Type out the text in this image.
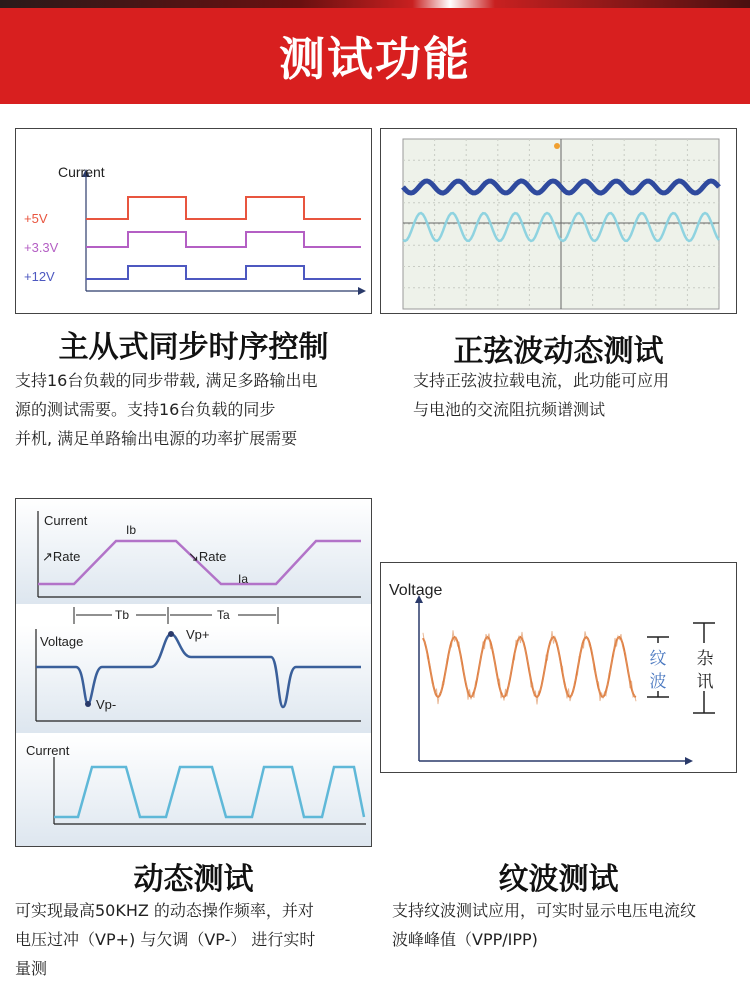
测试功能
Current
+5V
+3.3V
+12V
主从式同步时序控制
支持16台负载的同步带载, 满足多路输出电
源的测试需要。支持16台负载的同步
并机, 满足单路输出电源的功率扩展需要
正弦波动态测试
支持正弦波拉载电流，此功能可应用
与电池的交流阻抗频谱测试
Current
Ib
Ia
↗Rate	↘Rate
Tb	Ta
Voltage	Vp+
Vp-
Current
动态测试
可实现最高50KHZ 的动态操作频率，并对
电压过冲（VP+) 与欠调（VP-） 进行实时
量测
Voltage
纹
波
杂
讯
纹波测试
支持纹波测试应用，可实时显示电压电流纹
波峰峰值（VPP/IPP)
